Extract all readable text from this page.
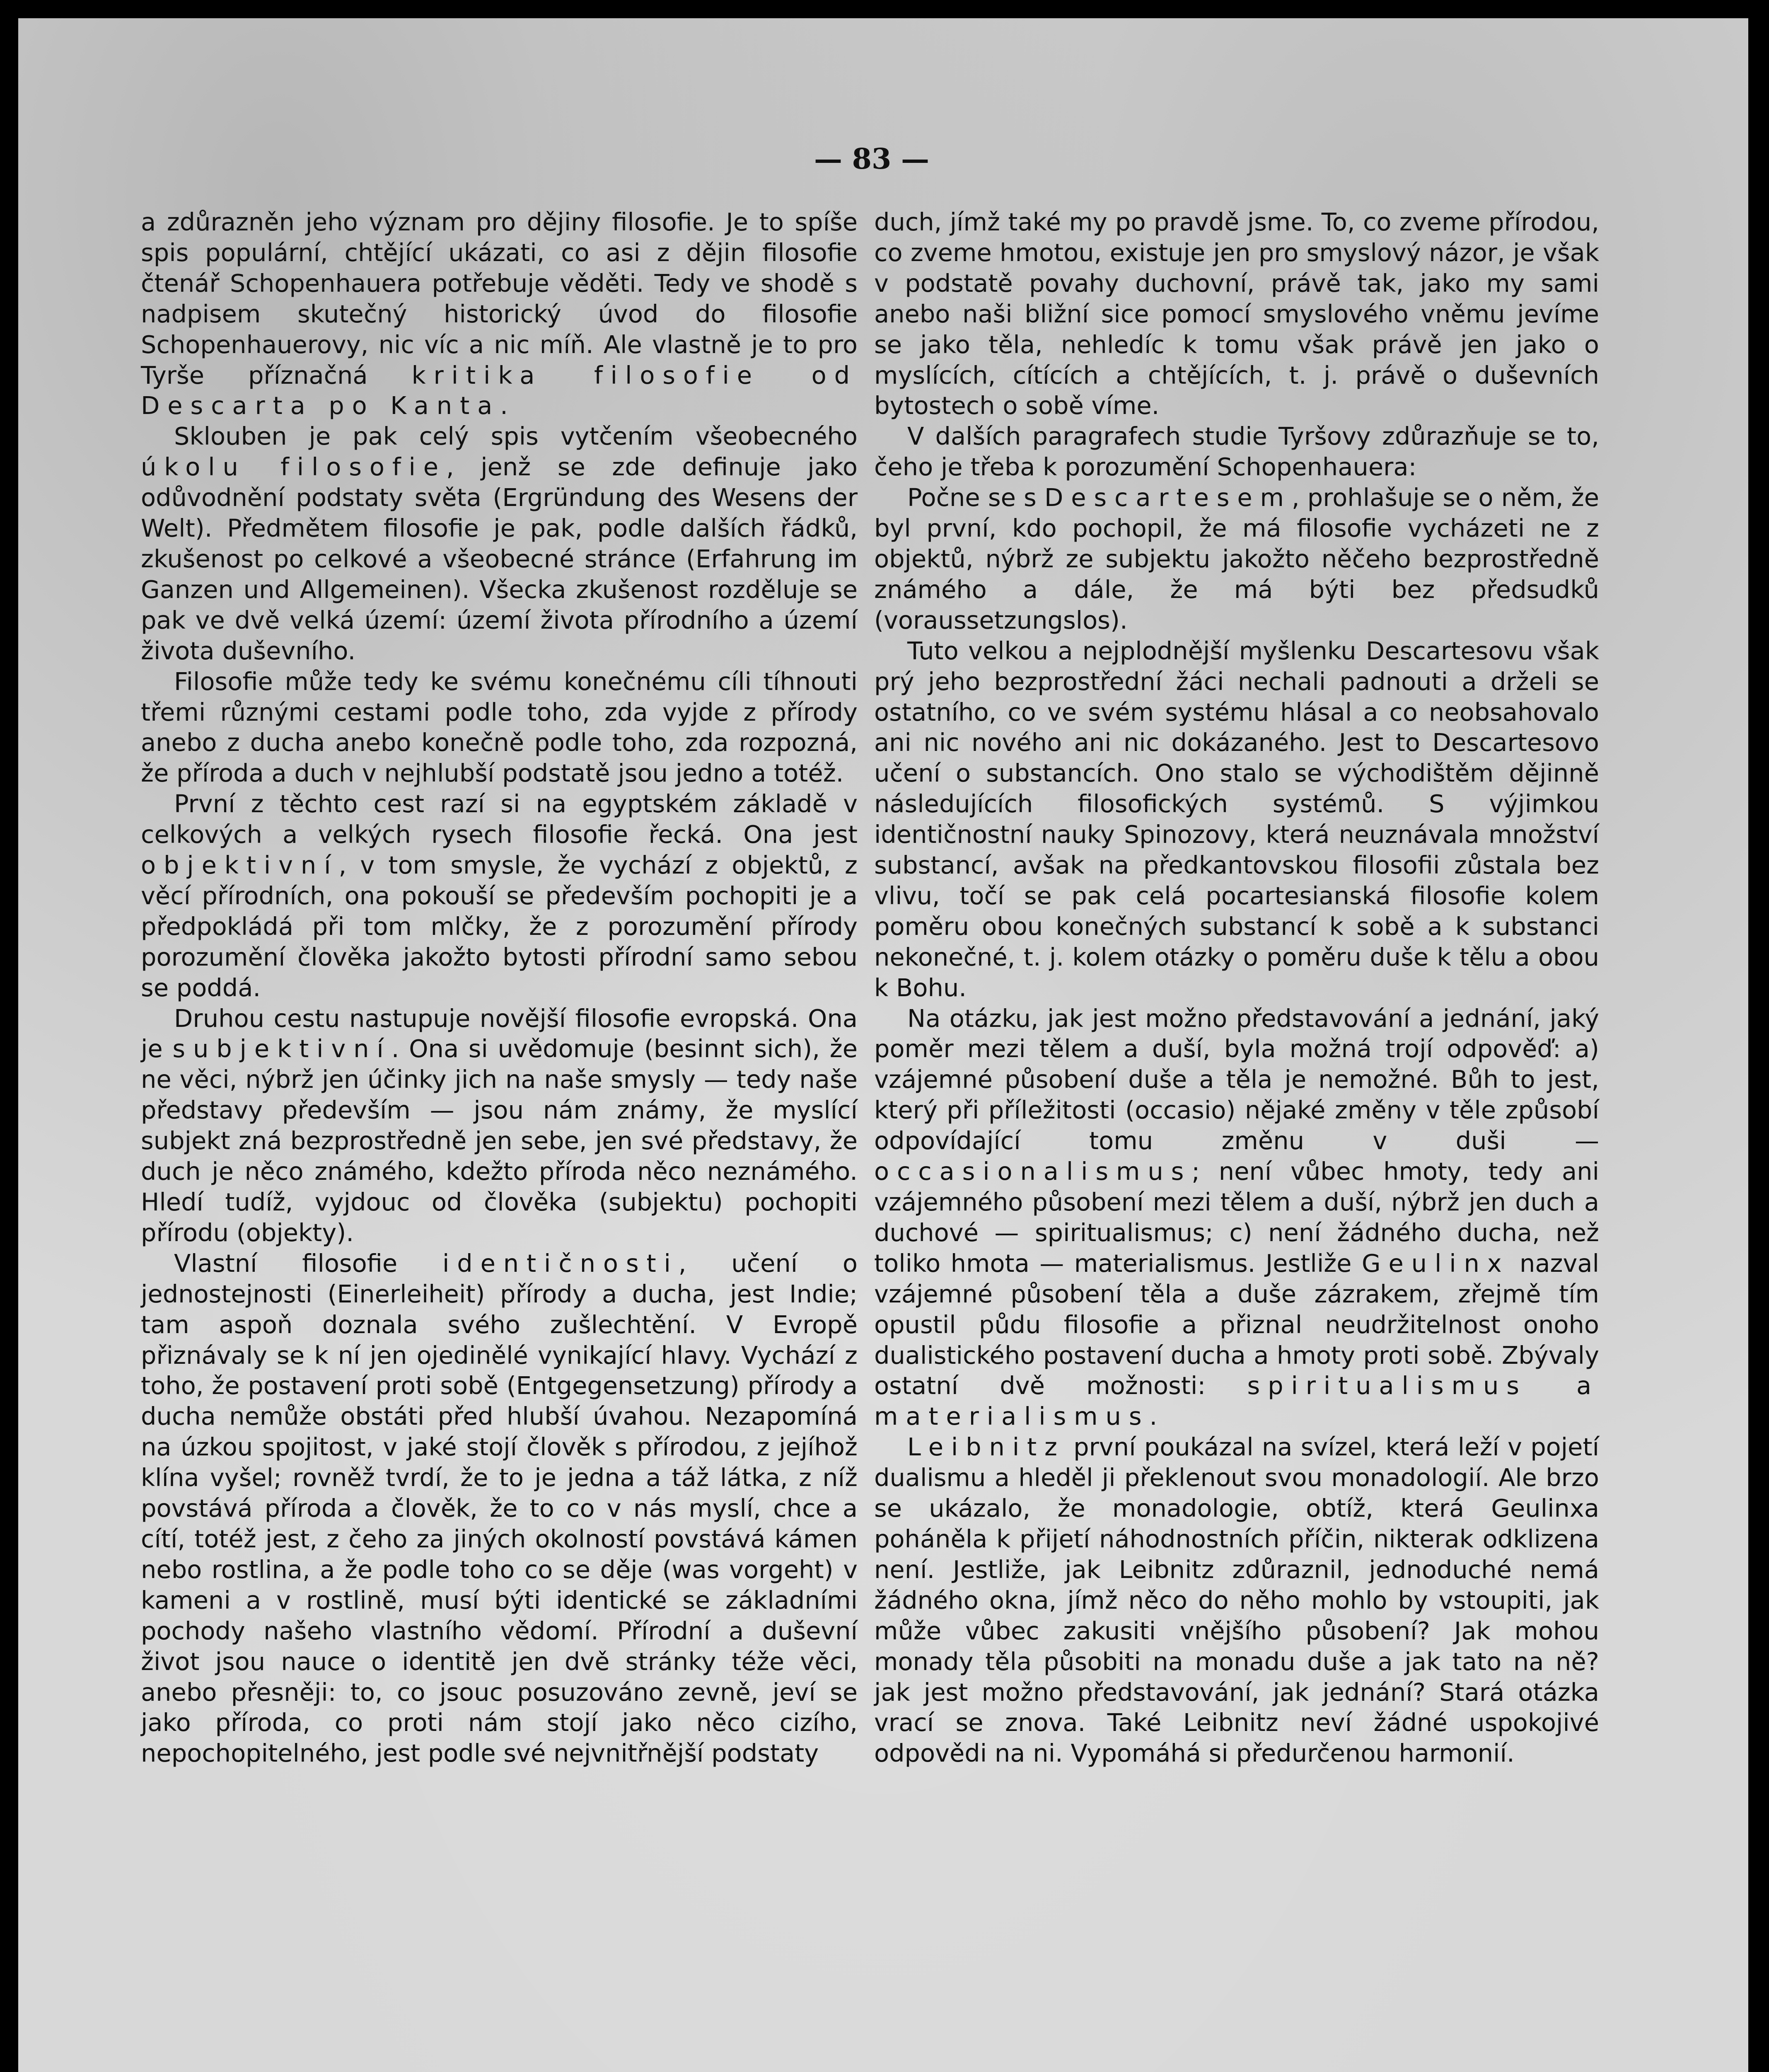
— 83 —

a zdůrazněn jeho význam pro dějiny filosofie. Je to spíše spis populární, chtějící ukázati, co asi z dějin filosofie čtenář Schopenhauera potřebuje věděti. Tedy ve shodě s nadpisem skutečný historický úvod do filosofie Schopenhauerovy, nic víc a nic míň. Ale vlastně je to pro Tyrše příznačná kritika filosofie od Descarta po Kanta.

Sklouben je pak celý spis vytčením všeobecného úkolu filosofie, jenž se zde definuje jako odůvodnění podstaty světa (Ergründung des Wesens der Welt). Předmětem filosofie je pak, podle dalších řádků, zkušenost po celkové a všeobecné stránce (Erfahrung im Ganzen und Allgemeinen). Všecka zkušenost rozděluje se pak ve dvě velká území: území života přírodního a území života duševního.

Filosofie může tedy ke svému konečnému cíli tíhnouti třemi různými cestami podle toho, zda vyjde z přírody anebo z ducha anebo konečně podle toho, zda rozpozná, že příroda a duch v nejhlubší podstatě jsou jedno a totéž.

První z těchto cest razí si na egyptském základě v celkových a velkých rysech filosofie řecká. Ona jest objektivní, v tom smysle, že vychází z objektů, z věcí přírodních, ona pokouší se především pochopiti je a předpokládá při tom mlčky, že z porozumění přírody porozumění člověka jakožto bytosti přírodní samo sebou se poddá.

Druhou cestu nastupuje novější filosofie evropská. Ona je subjektivní. Ona si uvědomuje (besinnt sich), že ne věci, nýbrž jen účinky jich na naše smysly — tedy naše představy především — jsou nám známy, že myslící subjekt zná bezprostředně jen sebe, jen své představy, že duch je něco známého, kdežto příroda něco neznámého. Hledí tudíž, vyjdouc od člověka (subjektu) pochopiti přírodu (objekty).

Vlastní filosofie identičnosti, učení o jednostejnosti (Einerleiheit) přírody a ducha, jest Indie; tam aspoň doznala svého zušlechtění. V Evropě přiznávaly se k ní jen ojedinělé vynikající hlavy. Vychází z toho, že postavení proti sobě (Entgegensetzung) přírody a ducha nemůže obstáti před hlubší úvahou. Nezapomíná na úzkou spojitost, v jaké stojí člověk s přírodou, z jejíhož klína vyšel; rovněž tvrdí, že to je jedna a táž látka, z níž povstává příroda a člověk, že to co v nás myslí, chce a cítí, totéž jest, z čeho za jiných okolností povstává kámen nebo rostlina, a že podle toho co se děje (was vorgeht) v kameni a v rostlině, musí býti identické se základními pochody našeho vlastního vědomí. Přírodní a duševní život jsou nauce o identitě jen dvě stránky téže věci, anebo přesněji: to, co jsouc posuzováno zevně, jeví se jako příroda, co proti nám stojí jako něco cizího, nepochopitelného, jest podle své nejvnitřnější podstaty

duch, jímž také my po pravdě jsme. To, co zveme přírodou, co zveme hmotou, existuje jen pro smyslový názor, je však v podstatě povahy duchovní, právě tak, jako my sami anebo naši bližní sice pomocí smyslového vněmu jevíme se jako těla, nehledíc k tomu však právě jen jako o myslících, cítících a chtějících, t. j. právě o duševních bytostech o sobě víme.

V dalších paragrafech studie Tyršovy zdůrazňuje se to, čeho je třeba k porozumění Schopenhauera:

Počne se s Descartesem, prohlašuje se o něm, že byl první, kdo pochopil, že má filosofie vycházeti ne z objektů, nýbrž ze subjektu jakožto něčeho bezprostředně známého a dále, že má býti bez předsudků (voraussetzungslos).

Tuto velkou a nejplodnější myšlenku Descartesovu však prý jeho bezprostřední žáci nechali padnouti a drželi se ostatního, co ve svém systému hlásal a co neobsahovalo ani nic nového ani nic dokázaného. Jest to Descartesovo učení o substancích. Ono stalo se východištěm dějinně následujících filosofických systémů. S výjimkou identičnostní nauky Spinozovy, která neuznávala množství substancí, avšak na předkantovskou filosofii zůstala bez vlivu, točí se pak celá pocartesianská filosofie kolem poměru obou konečných substancí k sobě a k substanci nekonečné, t. j. kolem otázky o poměru duše k tělu a obou k Bohu.

Na otázku, jak jest možno představování a jednání, jaký poměr mezi tělem a duší, byla možná trojí odpověď: a) vzájemné působení duše a těla je nemožné. Bůh to jest, který při příležitosti (occasio) nějaké změny v těle způsobí odpovídající tomu změnu v duši — occasionalismus; není vůbec hmoty, tedy ani vzájemného působení mezi tělem a duší, nýbrž jen duch a duchové — spiritualismus; c) není žádného ducha, než toliko hmota — materialismus. Jestliže Geulinx nazval vzájemné působení těla a duše zázrakem, zřejmě tím opustil půdu filosofie a přiznal neudržitelnost onoho dualistického postavení ducha a hmoty proti sobě. Zbývaly ostatní dvě možnosti: spiritualismus a materialismus.

Leibnitz první poukázal na svízel, která leží v pojetí dualismu a hleděl ji překlenout svou monadologií. Ale brzo se ukázalo, že monadologie, obtíž, která Geulinxa poháněla k přijetí náhodnostních příčin, nikterak odklizena není. Jestliže, jak Leibnitz zdůraznil, jednoduché nemá žádného okna, jímž něco do něho mohlo by vstoupiti, jak může vůbec zakusiti vnějšího působení? Jak mohou monady těla působiti na monadu duše a jak tato na ně? jak jest možno představování, jak jednání? Stará otázka vrací se znova. Také Leibnitz neví žádné uspokojivé odpovědi na ni. Vypomáhá si předurčenou harmonií.
